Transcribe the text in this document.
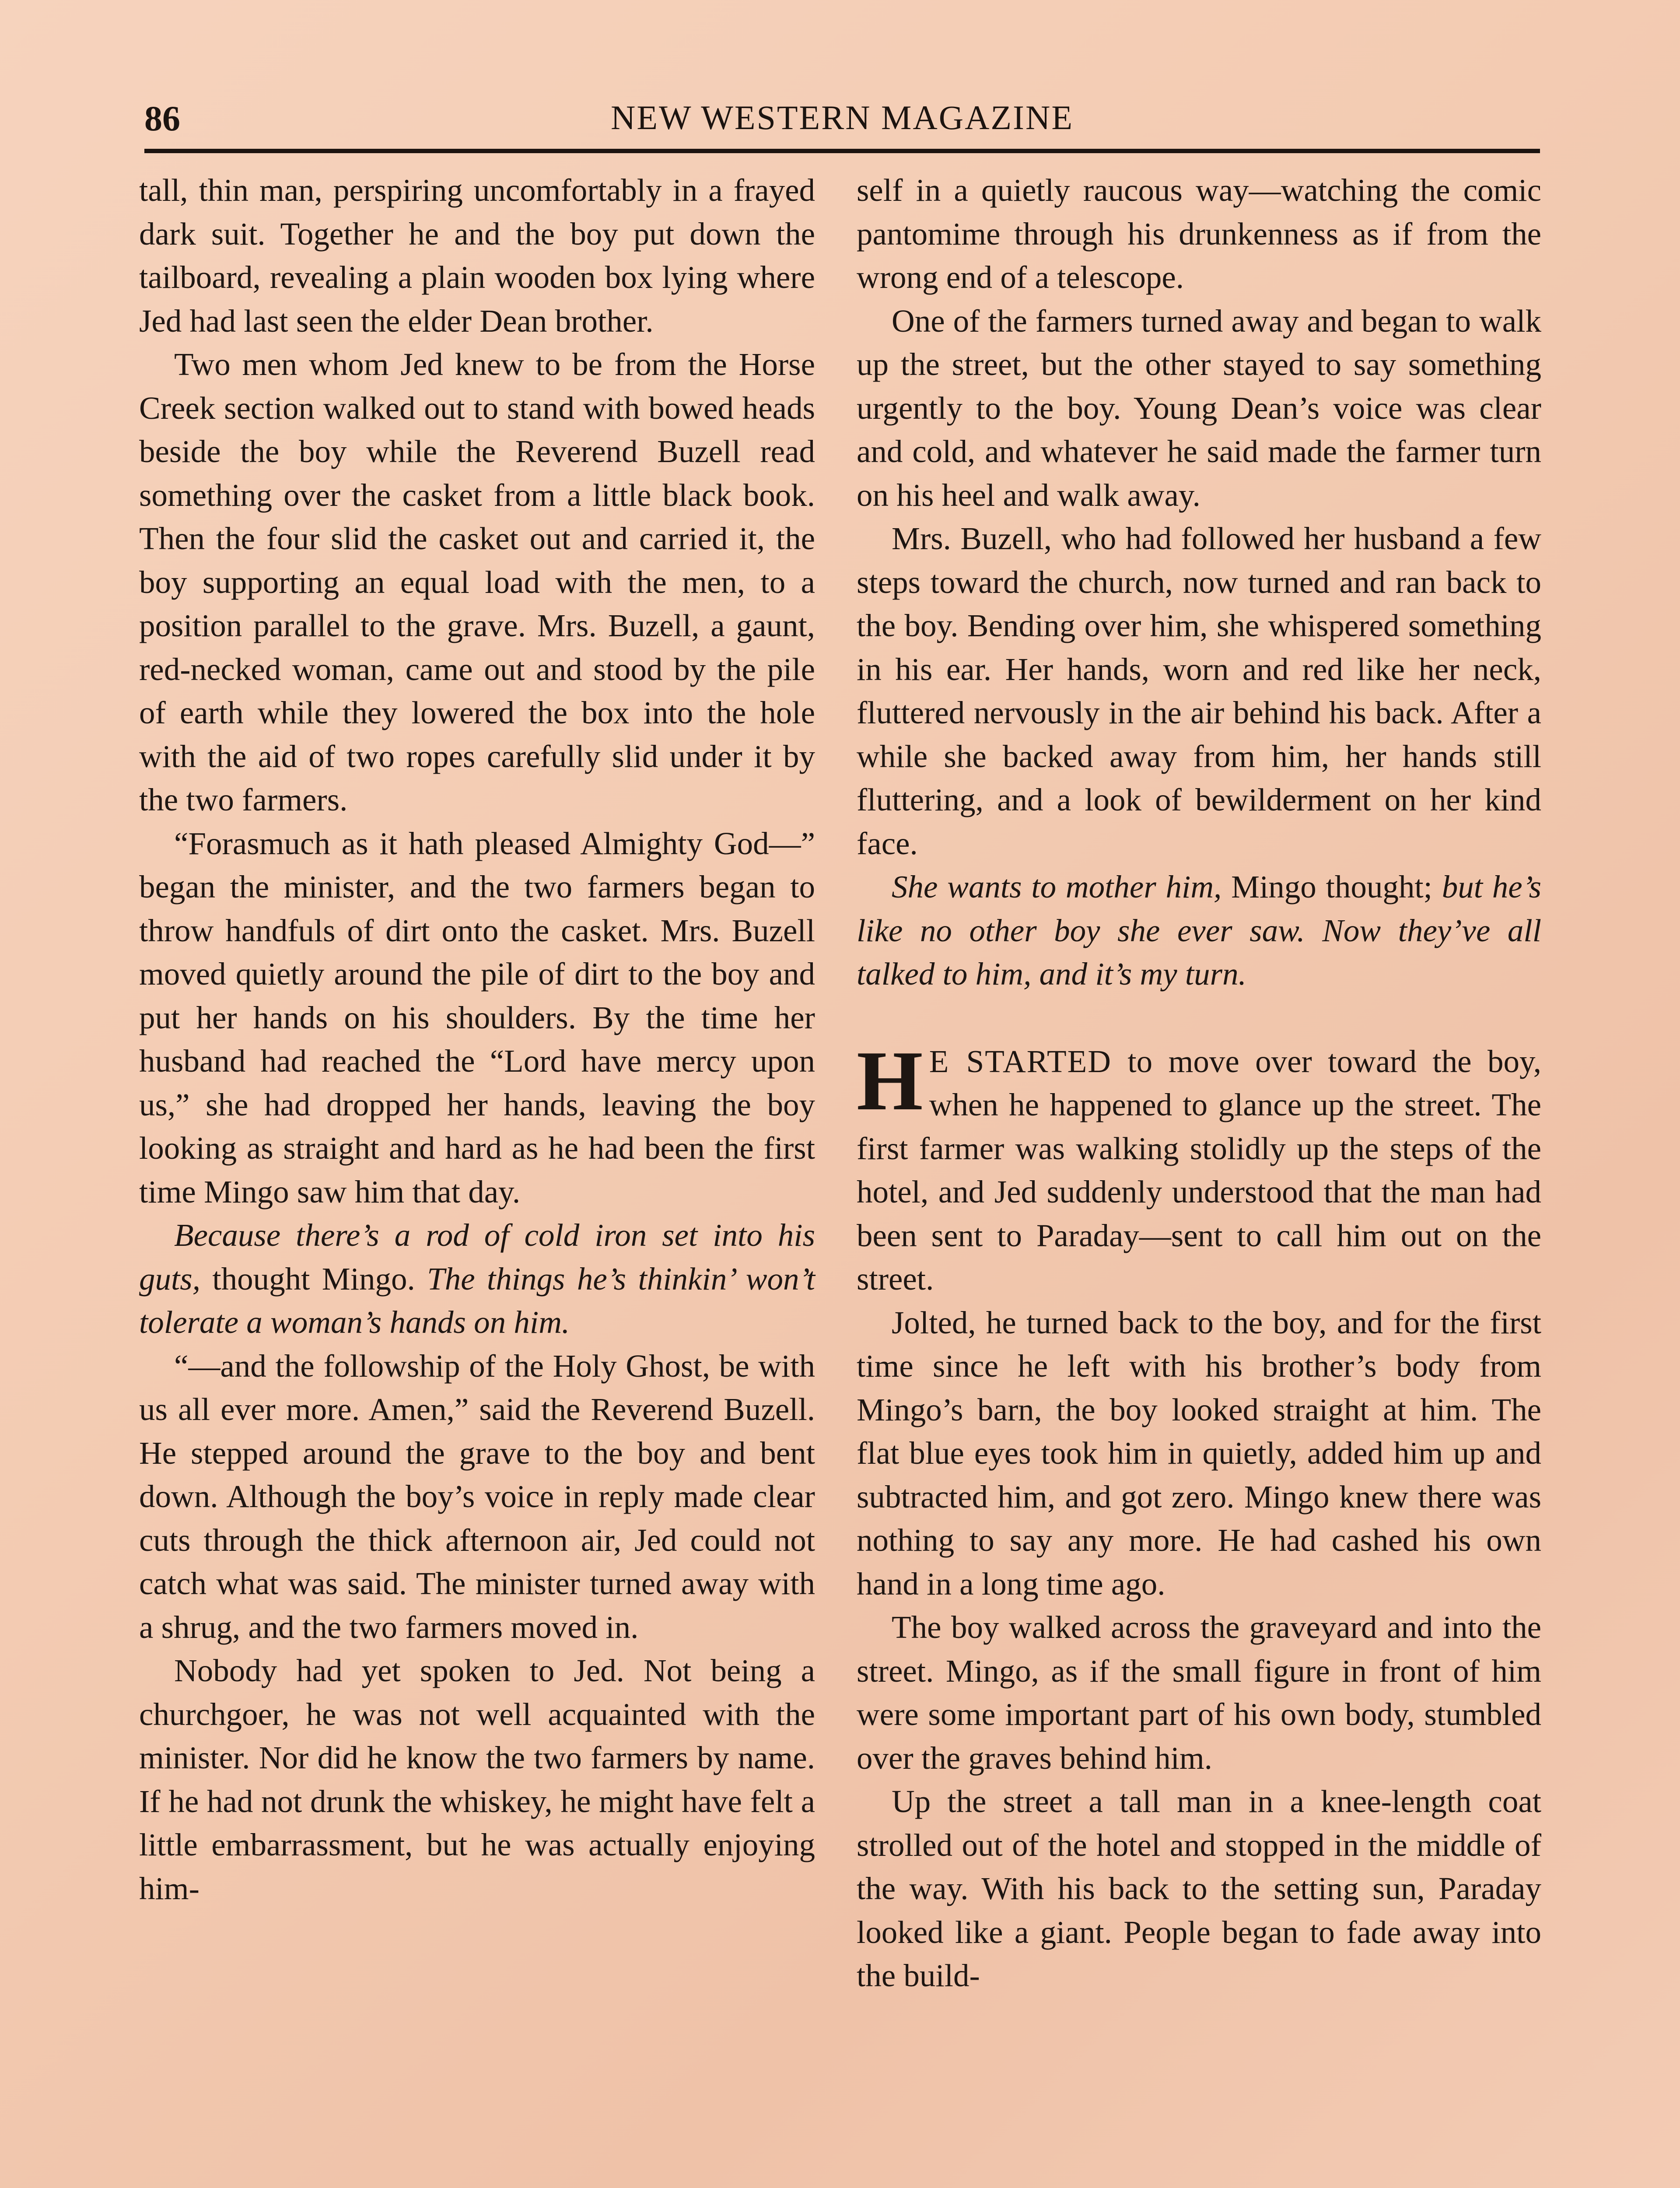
86	NEW WESTERN MAGAZINE

tall, thin man, perspiring uncomfortably in a frayed dark suit. Together he and the boy put down the tailboard, revealing a plain wooden box lying where Jed had last seen the elder Dean brother.

Two men whom Jed knew to be from the Horse Creek section walked out to stand with bowed heads beside the boy while the Reverend Buzell read something over the casket from a little black book. Then the four slid the casket out and carried it, the boy supporting an equal load with the men, to a position parallel to the grave. Mrs. Buzell, a gaunt, red-necked woman, came out and stood by the pile of earth while they lowered the box into the hole with the aid of two ropes carefully slid under it by the two farmers.

“Forasmuch as it hath pleased Almighty God—” began the minister, and the two farmers began to throw handfuls of dirt onto the casket. Mrs. Buzell moved quietly around the pile of dirt to the boy and put her hands on his shoulders. By the time her husband had reached the “Lord have mercy upon us,” she had dropped her hands, leaving the boy looking as straight and hard as he had been the first time Mingo saw him that day.

Because there’s a rod of cold iron set into his guts, thought Mingo. The things he’s thinkin’ won’t tolerate a woman’s hands on him.

“—and the followship of the Holy Ghost, be with us all ever more. Amen,” said the Reverend Buzell. He stepped around the grave to the boy and bent down. Although the boy’s voice in reply made clear cuts through the thick afternoon air, Jed could not catch what was said. The minister turned away with a shrug, and the two farmers moved in.

Nobody had yet spoken to Jed. Not being a churchgoer, he was not well acquainted with the minister. Nor did he know the two farmers by name. If he had not drunk the whiskey, he might have felt a little embarrassment, but he was actually enjoying him-

self in a quietly raucous way—watching the comic pantomime through his drunkenness as if from the wrong end of a telescope.

One of the farmers turned away and began to walk up the street, but the other stayed to say something urgently to the boy. Young Dean’s voice was clear and cold, and whatever he said made the farmer turn on his heel and walk away.

Mrs. Buzell, who had followed her husband a few steps toward the church, now turned and ran back to the boy. Bending over him, she whispered something in his ear. Her hands, worn and red like her neck, fluttered nervously in the air behind his back. After a while she backed away from him, her hands still fluttering, and a look of bewilderment on her kind face.

She wants to mother him, Mingo thought; but he’s like no other boy she ever saw. Now they’ve all talked to him, and it’s my turn.

H E STARTED to move over toward the boy, when he happened to glance up the street. The first farmer was walking stolidly up the steps of the hotel, and Jed suddenly understood that the man had been sent to Paraday—sent to call him out on the street.

Jolted, he turned back to the boy, and for the first time since he left with his brother’s body from Mingo’s barn, the boy looked straight at him. The flat blue eyes took him in quietly, added him up and subtracted him, and got zero. Mingo knew there was nothing to say any more. He had cashed his own hand in a long time ago.

The boy walked across the graveyard and into the street. Mingo, as if the small figure in front of him were some important part of his own body, stumbled over the graves behind him.

Up the street a tall man in a knee-length coat strolled out of the hotel and stopped in the middle of the way. With his back to the setting sun, Paraday looked like a giant. People began to fade away into the build-
